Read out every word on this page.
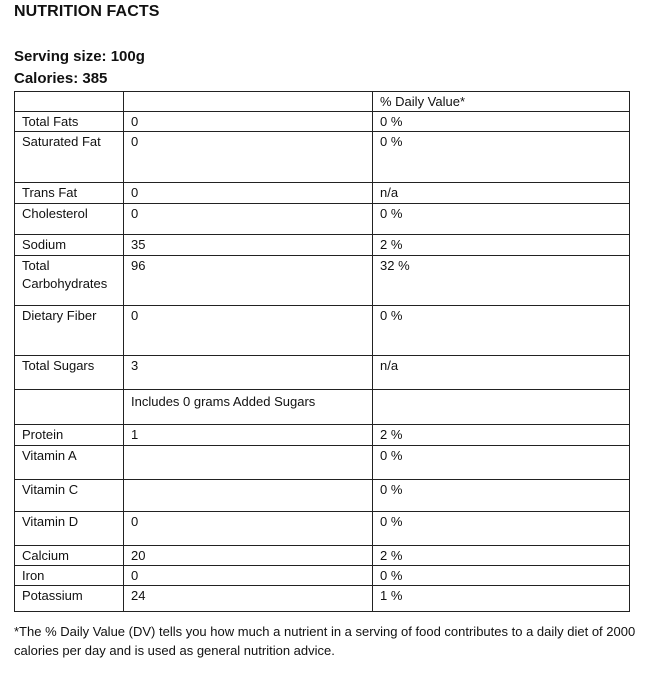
NUTRITION FACTS
Serving size: 100g
Calories: 385
		% Daily Value*
Total Fats	0	0 %
Saturated Fat	0	0 %
Trans Fat	0	n/a
Cholesterol	0	0 %
Sodium	35	2 %
Total Carbohydrates	96	32 %
Dietary Fiber	0	0 %
Total Sugars	3	n/a
	Includes 0 grams Added Sugars	
Protein	1	2 %
Vitamin A		0 %
Vitamin C		0 %
Vitamin D	0	0 %
Calcium	20	2 %
Iron	0	0 %
Potassium	24	1 %
*The % Daily Value (DV) tells you how much a nutrient in a serving of food contributes to a daily diet of 2000 calories per day and is used as general nutrition advice.
